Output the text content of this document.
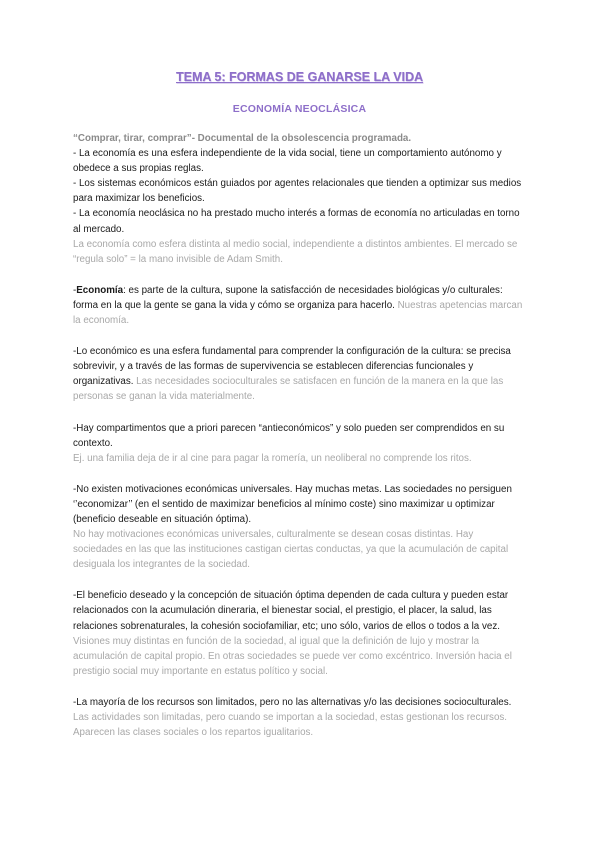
TEMA 5: FORMAS DE GANARSE LA VIDA
ECONOMÍA NEOCLÁSICA

“Comprar, tirar, comprar”- Documental de la obsolescencia programada.

- La economía es una esfera independiente de la vida social, tiene un comportamiento autónomo y obedece a sus propias reglas.

- Los sistemas económicos están guiados por agentes relacionales que tienden a optimizar sus medios para maximizar los beneficios.

- La economía neoclásica no ha prestado mucho interés a formas de economía no articuladas en torno al mercado.

La economía como esfera distinta al medio social, independiente a distintos ambientes. El mercado se “regula solo” = la mano invisible de Adam Smith.

-Economía: es parte de la cultura, supone la satisfacción de necesidades biológicas y/o culturales: forma en la que la gente se gana la vida y cómo se organiza para hacerlo. Nuestras apetencias marcan la economía.

-Lo económico es una esfera fundamental para comprender la configuración de la cultura: se precisa sobrevivir, y a través de las formas de supervivencia se establecen diferencias funcionales y organizativas. Las necesidades socioculturales se satisfacen en función de la manera en la que las personas se ganan la vida materialmente.

-Hay compartimentos que a priori parecen “antieconómicos” y solo pueden ser comprendidos en su contexto.

Ej. una familia deja de ir al cine para pagar la romería, un neoliberal no comprende los ritos.

-No existen motivaciones económicas universales. Hay muchas metas. Las sociedades no persiguen ‘’economizar’’ (en el sentido de maximizar beneficios al mínimo coste) sino maximizar u optimizar (beneficio deseable en situación óptima).

No hay motivaciones económicas universales, culturalmente se desean cosas distintas. Hay sociedades en las que las instituciones castigan ciertas conductas, ya que la acumulación de capital desiguala los integrantes de la sociedad.

-El beneficio deseado y la concepción de situación óptima dependen de cada cultura y pueden estar relacionados con la acumulación dineraria, el bienestar social, el prestigio, el placer, la salud, las relaciones sobrenaturales, la cohesión sociofamiliar, etc; uno sólo, varios de ellos o todos a la vez.

Visiones muy distintas en función de la sociedad, al igual que la definición de lujo y mostrar la acumulación de capital propio. En otras sociedades se puede ver como excéntrico. Inversión hacia el prestigio social muy importante en estatus político y social.

-La mayoría de los recursos son limitados, pero no las alternativas y/o las decisiones socioculturales.

Las actividades son limitadas, pero cuando se importan a la sociedad, estas gestionan los recursos. Aparecen las clases sociales o los repartos igualitarios.
